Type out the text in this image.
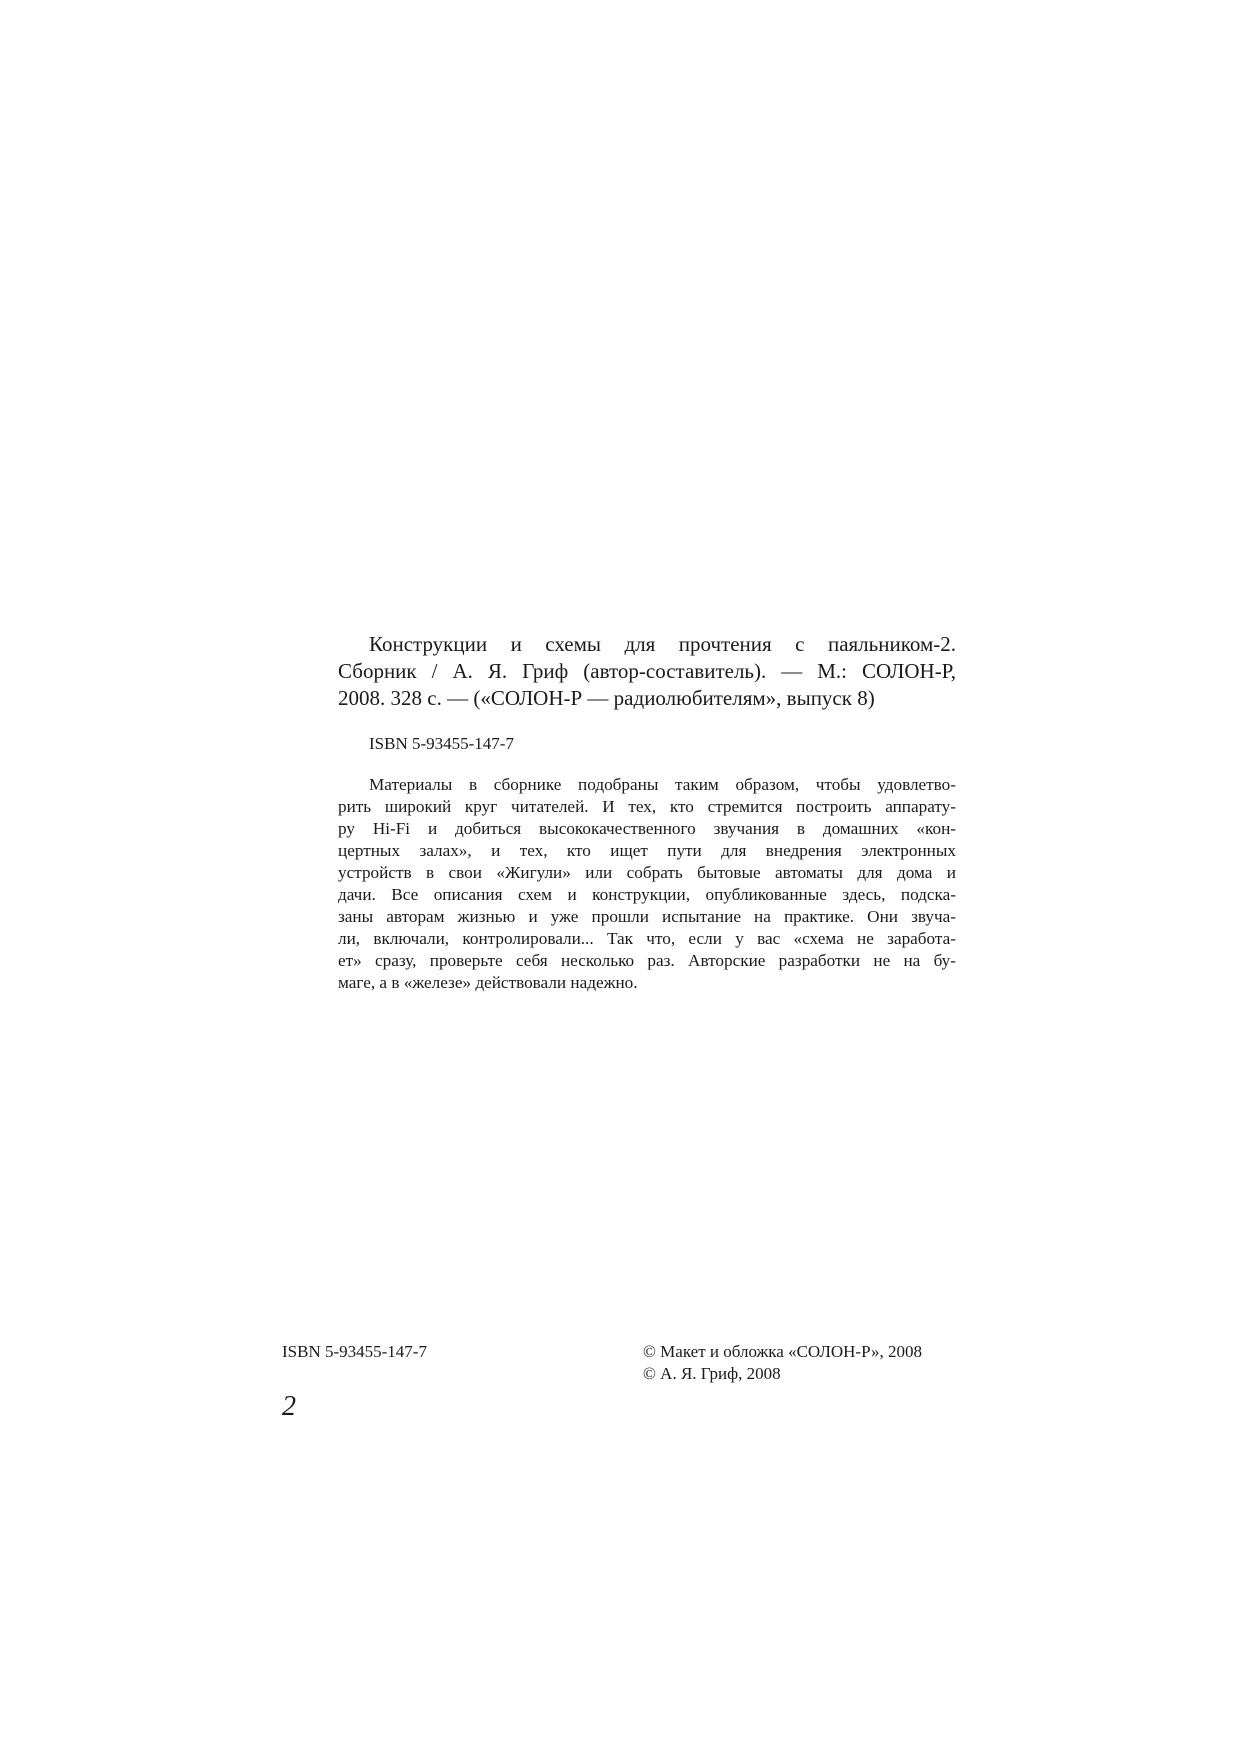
Конструкции и схемы для прочтения с паяльником-2.

Сборник / А. Я. Гриф (автор-составитель). — М.: СОЛОН-Р,

2008. 328 с. — («СОЛОН-Р — радиолюбителям», выпуск 8)

ISBN 5-93455-147-7

Материалы в сборнике подобраны таким образом, чтобы удовлетво-

рить широкий круг читателей. И тех, кто стремится построить аппарату-

ру Hi-Fi и добиться высококачественного звучания в домашних «кон-

цертных залах», и тех, кто ищет пути для внедрения электронных

устройств в свои «Жигули» или собрать бытовые автоматы для дома и

дачи. Все описания схем и конструкции, опубликованные здесь, подска-

заны авторам жизнью и уже прошли испытание на практике. Они звуча-

ли, включали, контролировали... Так что, если у вас «схема не заработа-

ет» сразу, проверьте себя несколько раз. Авторские разработки не на бу-

маге, а в «железе» действовали надежно.

ISBN 5-93455-147-7	© Макет и обложка «СОЛОН-Р», 2008
© А. Я. Гриф, 2008
2
